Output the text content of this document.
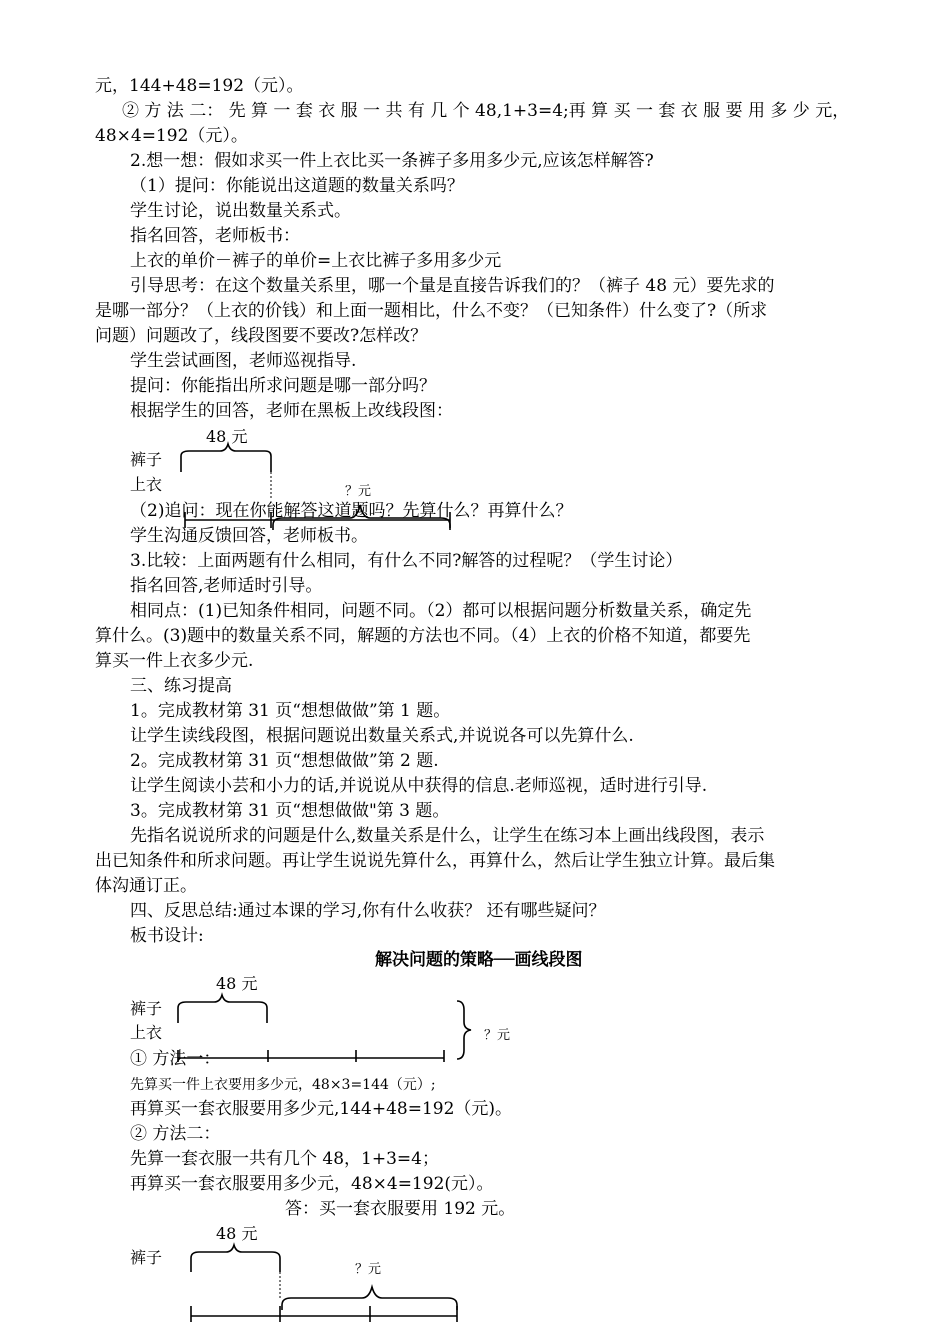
元，144+48=192（元）。
② 方 法 二： 先 算 一 套 衣 服 一 共 有 几 个 48,1+3=4;再 算 买 一 套 衣 服 要 用 多 少 元，
48×4=192（元）。
2.想一想：假如求买一件上衣比买一条裤子多用多少元,应该怎样解答?
（1）提问：你能说出这道题的数量关系吗？
学生讨论，说出数量关系式。
指名回答，老师板书：
上衣的单价－裤子的单价=上衣比裤子多用多少元
引导思考：在这个数量关系里，哪一个量是直接告诉我们的？（裤子 48 元）要先求的
是哪一部分？（上衣的价钱）和上面一题相比，什么不变？（已知条件）什么变了?（所求
问题）问题改了，线段图要不要改?怎样改？
学生尝试画图，老师巡视指导.
提问：你能指出所求问题是哪一部分吗？
根据学生的回答，老师在黑板上改线段图：
48 元
裤子
上衣	？元
（2)追问：现在你能解答这道题吗？先算什么？再算什么？
学生沟通反馈回答，老师板书。
3.比较：上面两题有什么相同，有什么不同?解答的过程呢？（学生讨论）
指名回答,老师适时引导。
相同点：(1)已知条件相同，问题不同。（2）都可以根据问题分析数量关系，确定先
算什么。(3)题中的数量关系不同，解题的方法也不同。（4）上衣的价格不知道，都要先
算买一件上衣多少元.
三、练习提高
1。完成教材第 31 页“想想做做”第 1 题。
让学生读线段图，根据问题说出数量关系式,并说说各可以先算什么.
2。完成教材第 31 页“想想做做”第 2 题.
让学生阅读小芸和小力的话,并说说从中获得的信息.老师巡视，适时进行引导.
3。完成教材第 31 页“想想做做"第 3 题。
先指名说说所求的问题是什么,数量关系是什么，让学生在练习本上画出线段图，表示
出已知条件和所求问题。再让学生说说先算什么，再算什么，然后让学生独立计算。最后集
体沟通订正。
四、反思总结:通过本课的学习,你有什么收获？ 还有哪些疑问？
板书设计:
解决问题的策略──画线段图
48 元
裤子
上衣	？元
① 方法一：
先算买一件上衣要用多少元，48×3=144（元）;
再算买一套衣服要用多少元,144+48=192（元)。
② 方法二：
先算一套衣服一共有几个 48，1+3=4；
再算买一套衣服要用多少元，48×4=192(元）。
答：买一套衣服要用 192 元。
48 元
裤子
？元
